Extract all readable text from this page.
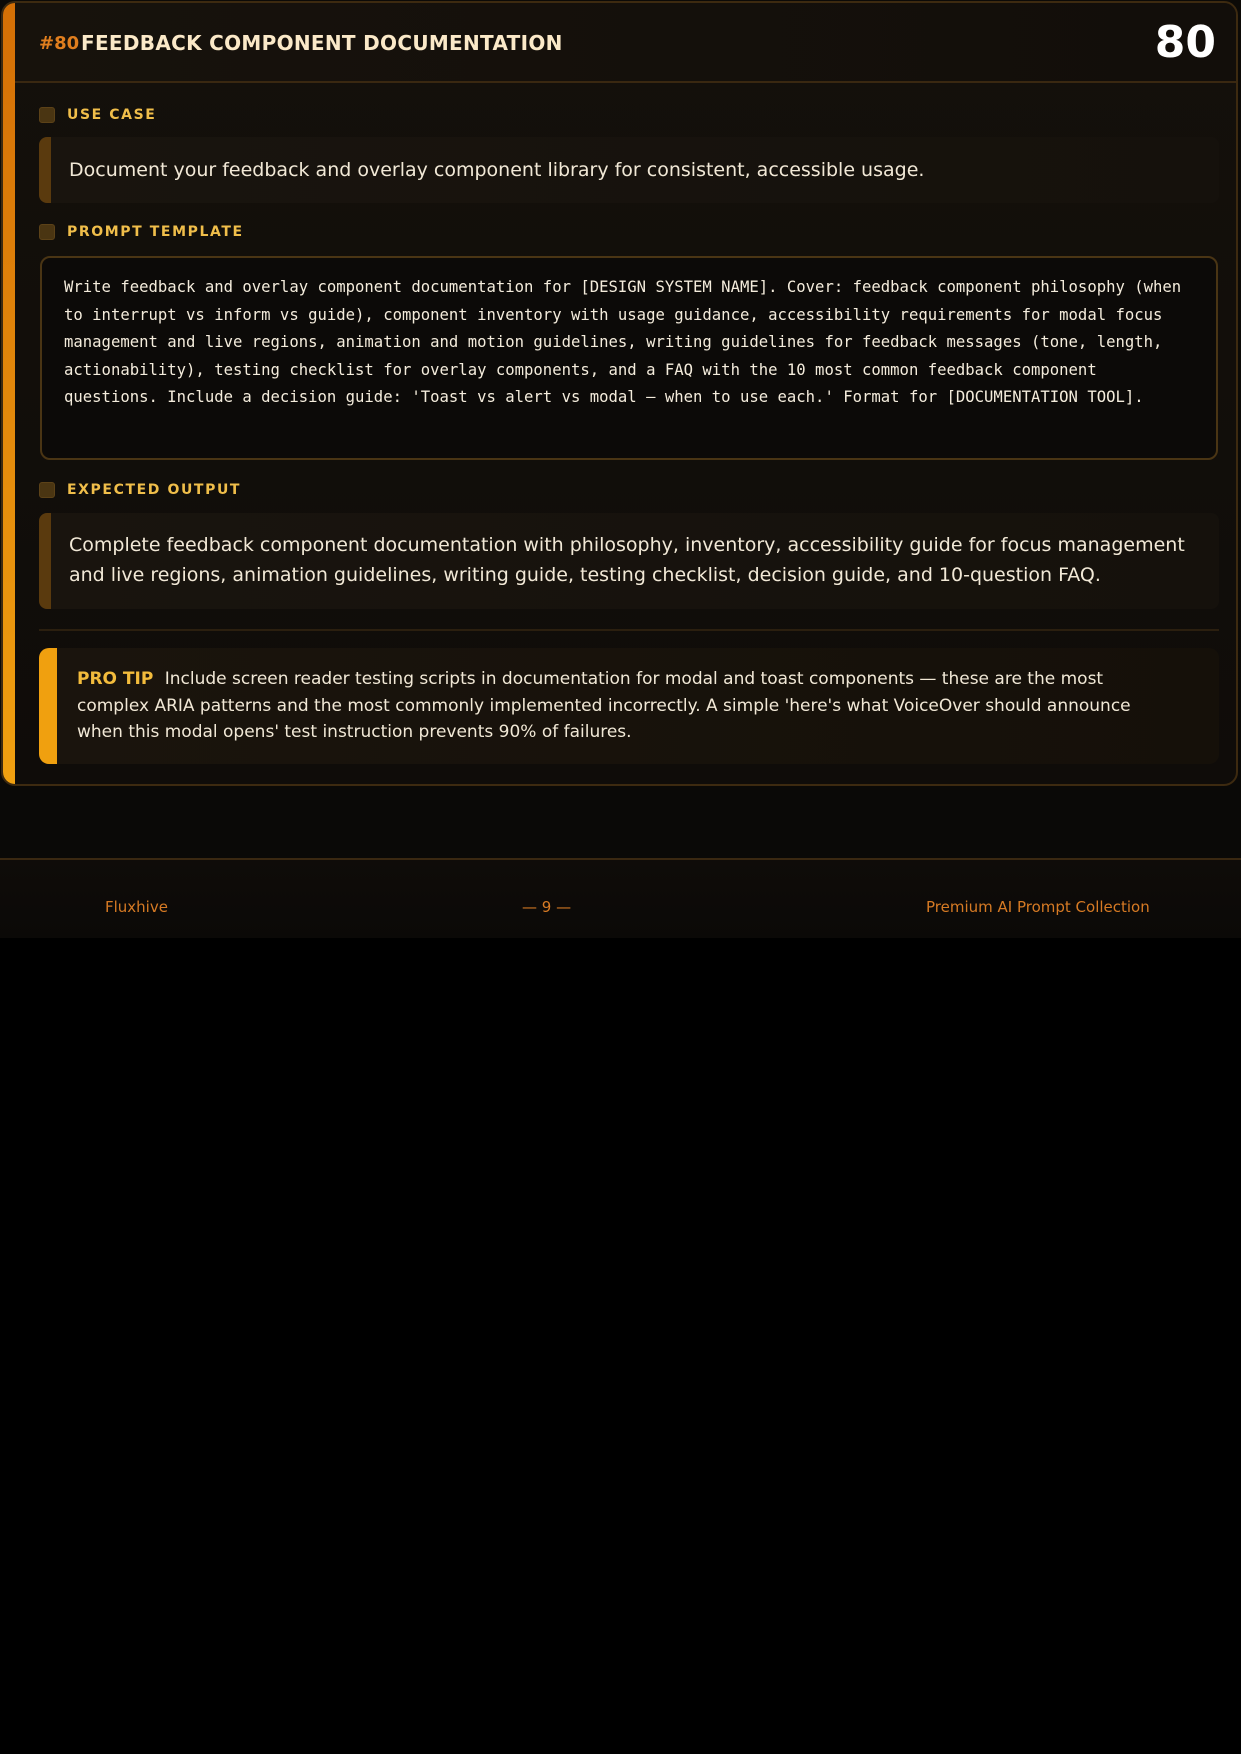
#80 FEEDBACK COMPONENT DOCUMENTATION	80
USE CASE
Document your feedback and overlay component library for consistent, accessible usage.
PROMPT TEMPLATE
Write feedback and overlay component documentation for [DESIGN SYSTEM NAME]. Cover: feedback component philosophy (when to interrupt vs inform vs guide), component inventory with usage guidance, accessibility requirements for modal focus management and live regions, animation and motion guidelines, writing guidelines for feedback messages (tone, length, actionability), testing checklist for overlay components, and a FAQ with the 10 most common feedback component questions. Include a decision guide: 'Toast vs alert vs modal — when to use each.' Format for [DOCUMENTATION TOOL].
EXPECTED OUTPUT
Complete feedback component documentation with philosophy, inventory, accessibility guide for focus management and live regions, animation guidelines, writing guide, testing checklist, decision guide, and 10-question FAQ.
PRO TIP Include screen reader testing scripts in documentation for modal and toast components — these are the most complex ARIA patterns and the most commonly implemented incorrectly. A simple 'here's what VoiceOver should announce when this modal opens' test instruction prevents 90% of failures.
Fluxhive	— 9 —	Premium AI Prompt Collection
